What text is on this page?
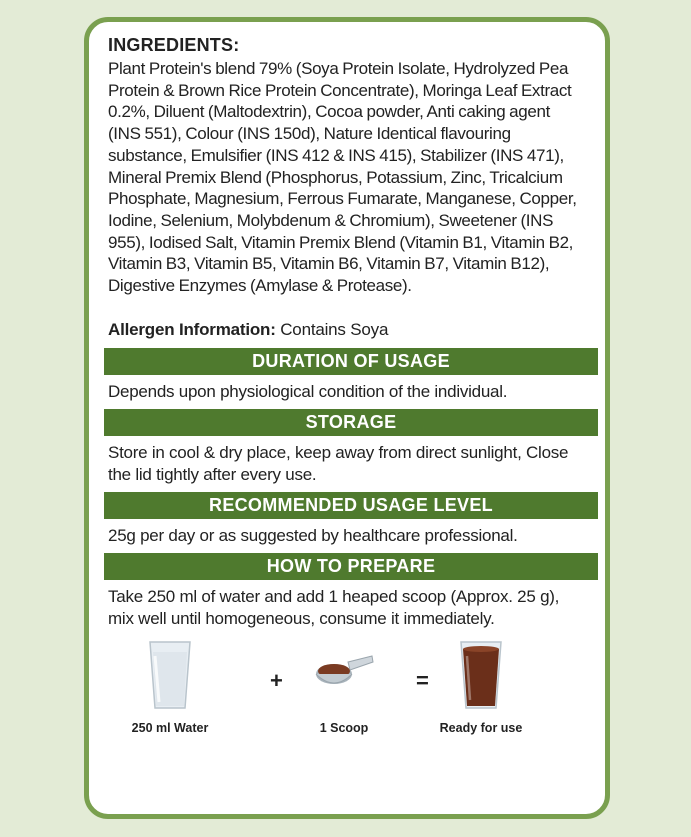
INGREDIENTS:
Plant Protein's blend 79% (Soya Protein Isolate, Hydrolyzed Pea Protein & Brown Rice Protein Concentrate), Moringa Leaf Extract 0.2%, Diluent (Maltodextrin), Cocoa powder, Anti caking agent (INS 551), Colour (INS 150d), Nature Identical flavouring substance, Emulsifier (INS 412 & INS 415), Stabilizer (INS 471), Mineral Premix Blend (Phosphorus, Potassium, Zinc, Tricalcium Phosphate, Magnesium, Ferrous Fumarate, Manganese, Copper, Iodine, Selenium, Molybdenum & Chromium), Sweetener (INS 955), Iodised Salt, Vitamin Premix Blend (Vitamin B1, Vitamin B2, Vitamin B3, Vitamin B5, Vitamin B6, Vitamin B7, Vitamin B12), Digestive Enzymes (Amylase & Protease).
Allergen Information: Contains Soya
DURATION OF USAGE
Depends upon physiological condition of the individual.
STORAGE
Store in cool & dry place, keep away from direct sunlight, Close the lid tightly after every use.
RECOMMENDED USAGE LEVEL
25g per day or as suggested by healthcare professional.
HOW TO PREPARE
Take 250 ml of water and add 1 heaped scoop (Approx. 25 g), mix well until homogeneous, consume it immediately.
250 ml Water
+
1 Scoop
=
Ready for use
